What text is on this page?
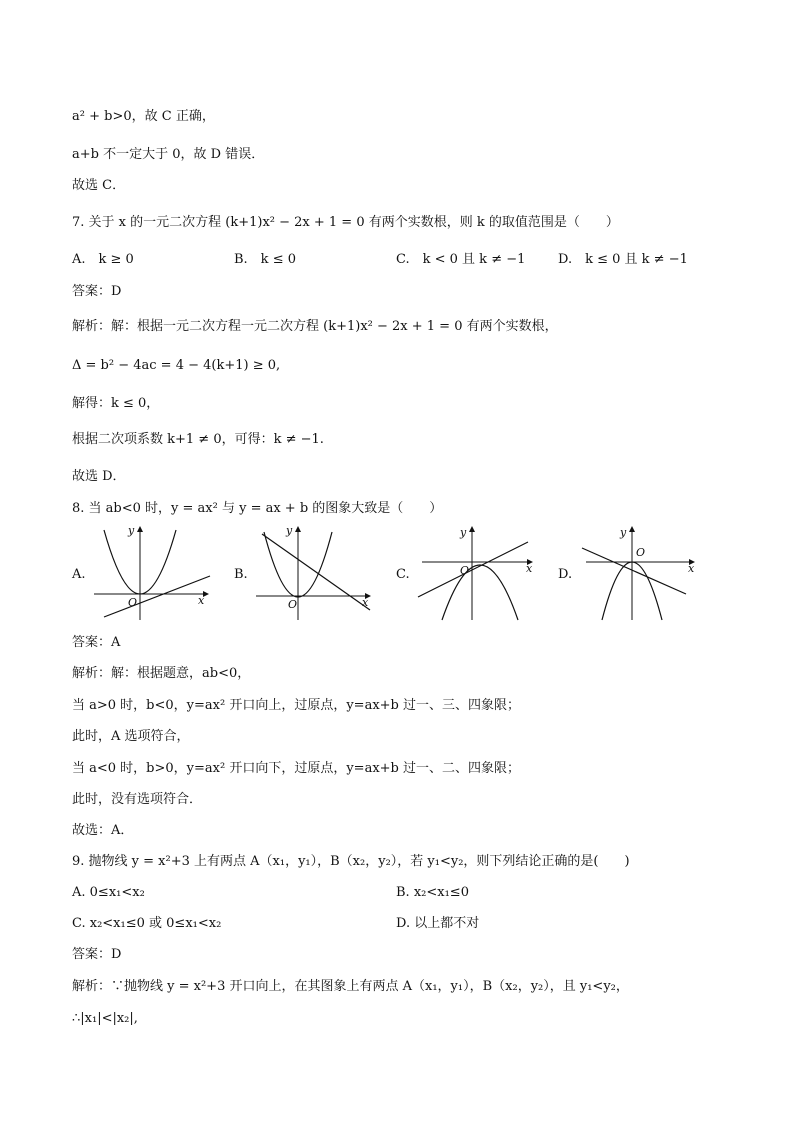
a² + b>0，故 C 正确，
a+b 不一定大于 0，故 D 错误．
故选 C．
7. 关于 x 的一元二次方程 (k+1)x² − 2x + 1 = 0 有两个实数根，则 k 的取值范围是（　　）
A.　k ≥ 0	B.　k ≤ 0	C.　k < 0 且 k ≠ −1	D.　k ≤ 0 且 k ≠ −1
答案：D
解析：解：根据一元二次方程一元二次方程 (k+1)x² − 2x + 1 = 0 有两个实数根，
Δ = b² − 4ac = 4 − 4(k+1) ≥ 0,
解得：k ≤ 0，
根据二次项系数 k+1 ≠ 0，可得：k ≠ −1.
故选 D．
8. 当 ab<0 时，y = ax² 与 y = ax + b 的图象大致是（　　）
A.
y
O	x
B.
y
O	x
C.
y
O	x D.
y
O
x
答案：A
解析：解：根据题意，ab<0，
当 a>0 时，b<0，y=ax² 开口向上，过原点，y=ax+b 过一、三、四象限；
此时，A 选项符合，
当 a<0 时，b>0，y=ax² 开口向下，过原点，y=ax+b 过一、二、四象限；
此时，没有选项符合．
故选：A．
9. 抛物线 y = x²+3 上有两点 A（x₁，y₁），B（x₂，y₂），若 y₁<y₂，则下列结论正确的是(　　)
A. 0≤x₁<x₂	B. x₂<x₁≤0
C. x₂<x₁≤0 或 0≤x₁<x₂	D. 以上都不对
答案：D
解析：∵抛物线 y = x²+3 开口向上，在其图象上有两点 A（x₁，y₁），B（x₂，y₂），且 y₁<y₂，
∴|x₁|<|x₂|,
